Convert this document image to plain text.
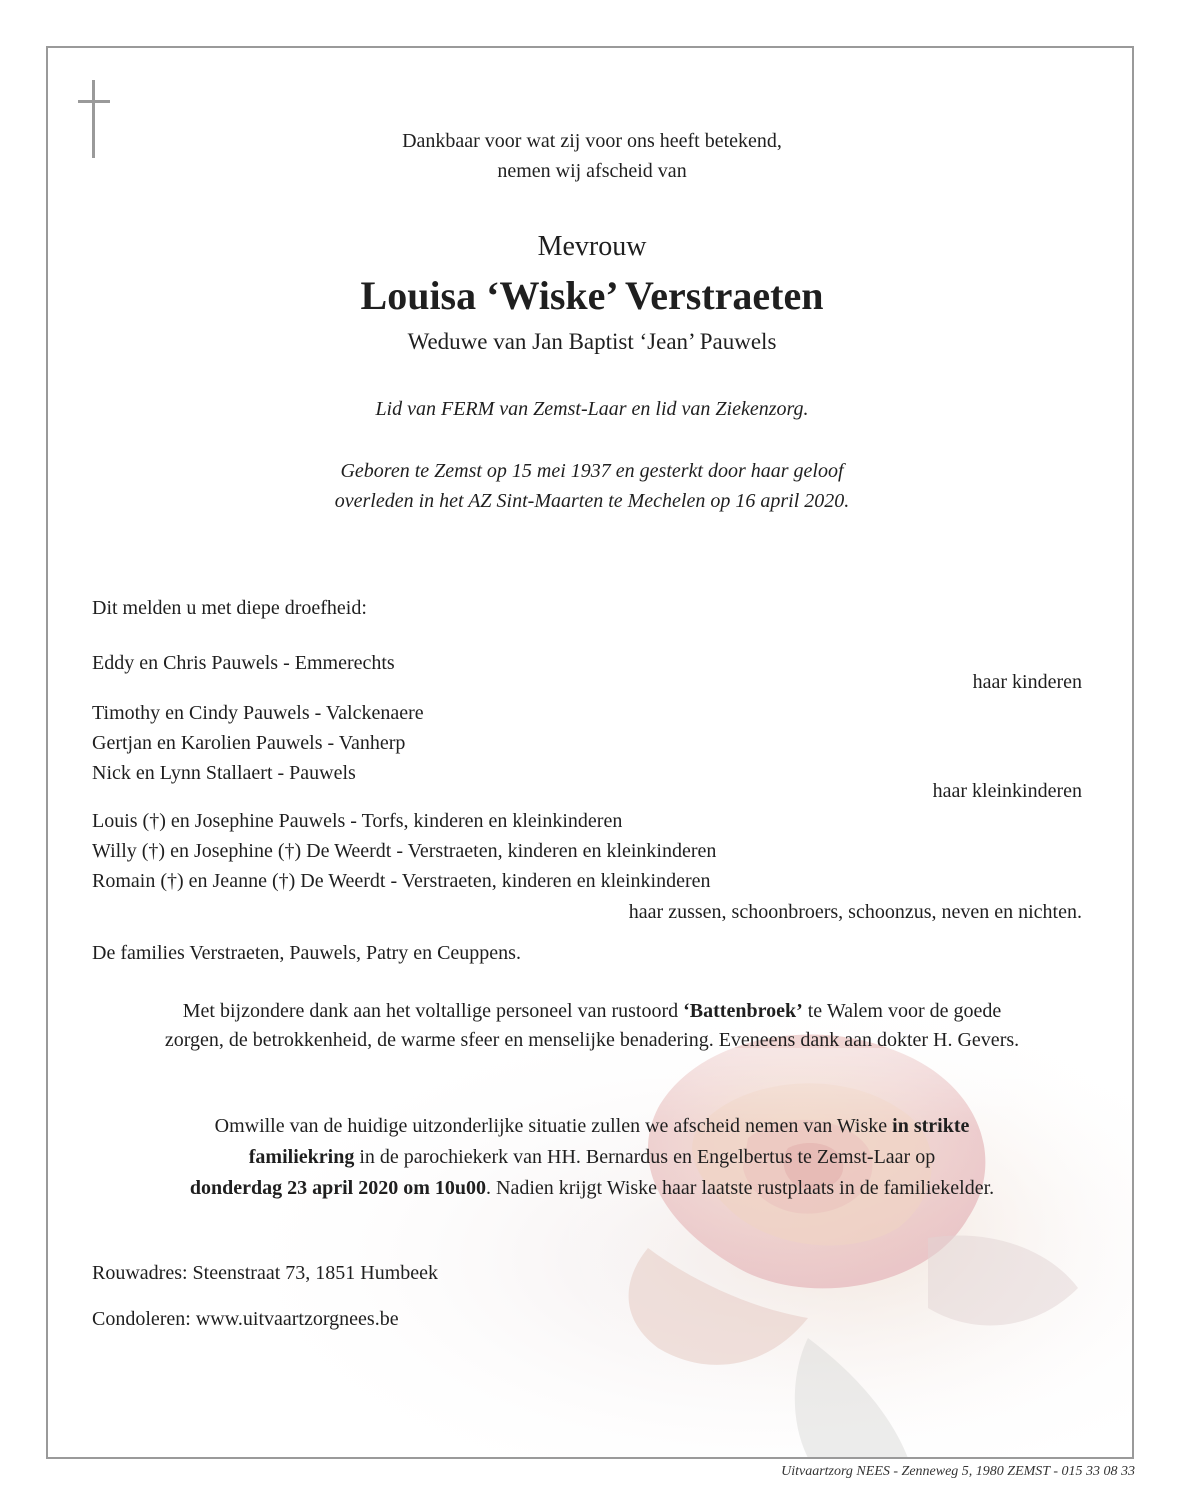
Dankbaar voor wat zij voor ons heeft betekend,
nemen wij afscheid van
Mevrouw
Louisa ‘Wiske’ Verstraeten
Weduwe van Jan Baptist ‘Jean’ Pauwels
Lid van FERM van Zemst-Laar en lid van Ziekenzorg.
Geboren te Zemst op 15 mei 1937 en gesterkt door haar geloof
overleden in het AZ Sint-Maarten te Mechelen op 16 april 2020.
Dit melden u met diepe droefheid:
Eddy en Chris Pauwels - Emmerechts
haar kinderen
Timothy en Cindy Pauwels - Valckenaere
Gertjan en Karolien Pauwels - Vanherp
Nick en Lynn Stallaert - Pauwels
haar kleinkinderen
Louis (†) en Josephine Pauwels - Torfs, kinderen en kleinkinderen
Willy (†) en Josephine (†) De Weerdt - Verstraeten, kinderen en kleinkinderen
Romain (†) en Jeanne (†) De Weerdt - Verstraeten, kinderen en kleinkinderen
haar zussen, schoonbroers, schoonzus, neven en nichten.
De families Verstraeten, Pauwels, Patry en Ceuppens.
Met bijzondere dank aan het voltallige personeel van rustoord ‘Battenbroek’ te Walem voor de goede
zorgen, de betrokkenheid, de warme sfeer en menselijke benadering. Eveneens dank aan dokter H. Gevers.
Omwille van de huidige uitzonderlijke situatie zullen we afscheid nemen van Wiske in strikte
familiekring in de parochiekerk van HH. Bernardus en Engelbertus te Zemst-Laar op
donderdag 23 april 2020 om 10u00. Nadien krijgt Wiske haar laatste rustplaats in de familiekelder.
Rouwadres: Steenstraat 73, 1851 Humbeek
Condoleren: www.uitvaartzorgnees.be
Uitvaartzorg NEES - Zenneweg 5, 1980 ZEMST - 015 33 08 33
